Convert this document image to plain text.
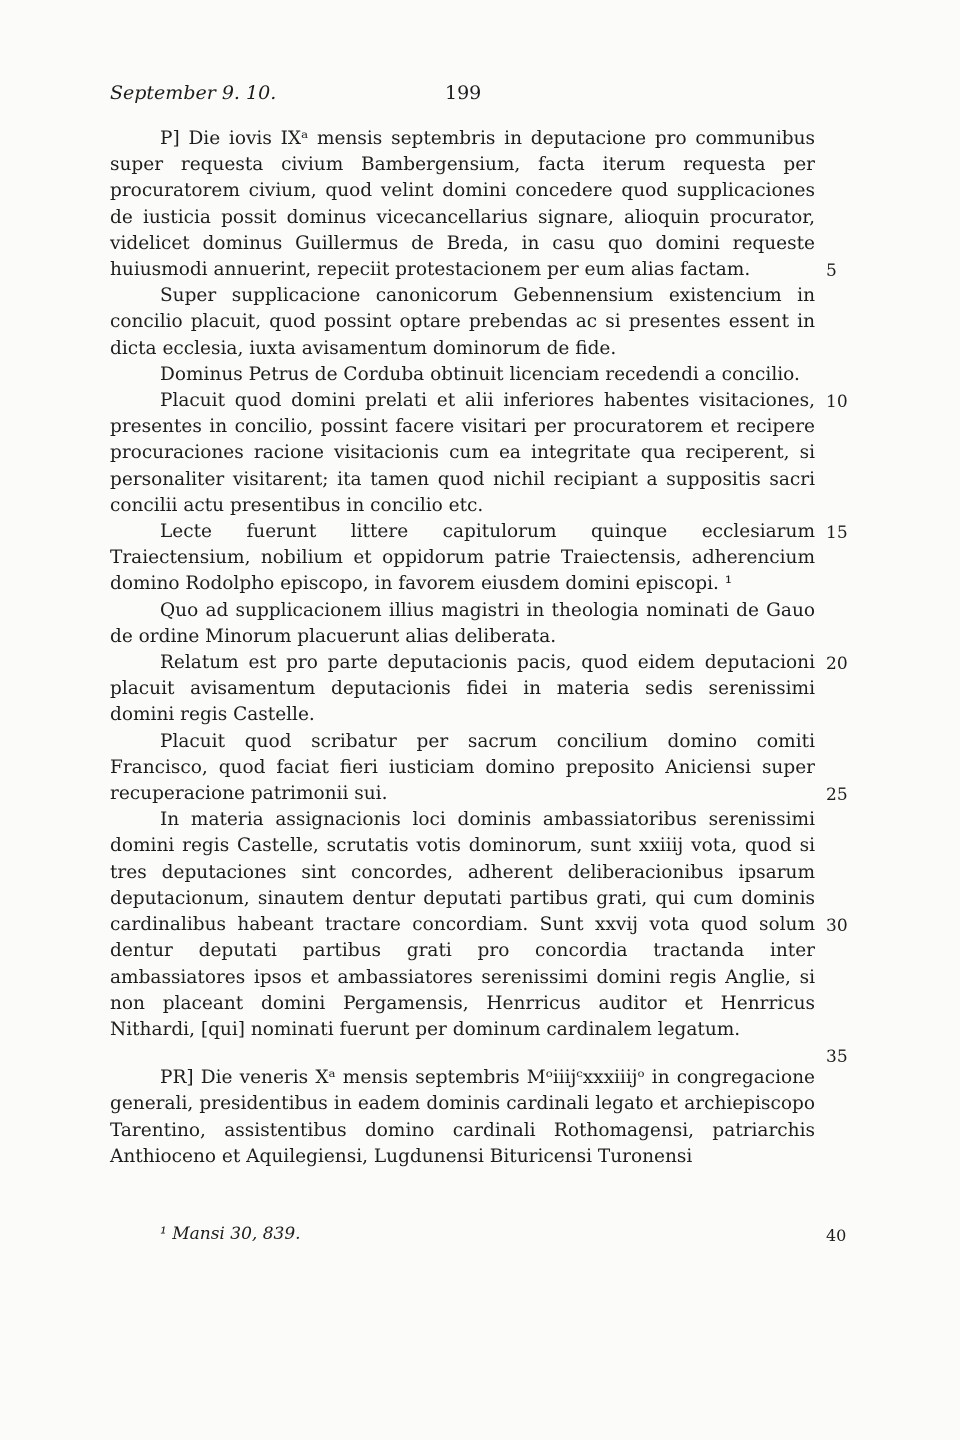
September 9. 10.	199

P] Die iovis IXᵃ mensis septembris in deputacione pro communibus super requesta civium Bambergensium, facta iterum requesta per procuratorem civium, quod velint domini concedere quod supplicaciones de iusticia possit dominus vicecancellarius signare, alioquin procurator, videlicet dominus Guillermus de Breda, in casu quo domini requeste huiusmodi annuerint, repeciit protestacionem per eum alias factam.

Super supplicacione canonicorum Gebennensium existencium in concilio placuit, quod possint optare prebendas ac si presentes essent in dicta ecclesia, iuxta avisamentum dominorum de fide.

Dominus Petrus de Corduba obtinuit licenciam recedendi a concilio.

Placuit quod domini prelati et alii inferiores habentes visitaciones, presentes in concilio, possint facere visitari per procuratorem et recipere procuraciones racione visitacionis cum ea integritate qua reciperent, si personaliter visitarent; ita tamen quod nichil recipiant a suppositis sacri concilii actu presentibus in concilio etc.

Lecte fuerunt littere capitulorum quinque ecclesiarum Traiectensium, nobilium et oppidorum patrie Traiectensis, adherencium domino Rodolpho episcopo, in favorem eiusdem domini episcopi. ¹

Quo ad supplicacionem illius magistri in theologia nominati de Gauo de ordine Minorum placuerunt alias deliberata.

Relatum est pro parte deputacionis pacis, quod eidem deputacioni placuit avisamentum deputacionis fidei in materia sedis serenissimi domini regis Castelle.

Placuit quod scribatur per sacrum concilium domino comiti Francisco, quod faciat fieri iusticiam domino preposito Aniciensi super recuperacione patrimonii sui.

In materia assignacionis loci dominis ambassiatoribus serenissimi domini regis Castelle, scrutatis votis dominorum, sunt xxiiij vota, quod si tres deputaciones sint concordes, adherent deliberacionibus ipsarum deputacionum, sinautem dentur deputati partibus grati, qui cum dominis cardinalibus habeant tractare concordiam. Sunt xxvij vota quod solum dentur deputati partibus grati pro concordia tractanda inter ambassiatores ipsos et ambassiatores serenissimi domini regis Anglie, si non placeant domini Pergamensis, Henrricus auditor et Henrricus Nithardi, [qui] nominati fuerunt per dominum cardinalem legatum.

PR] Die veneris Xᵃ mensis septembris Mᵒiiijᶜxxxiiijᵒ in congregacione generali, presidentibus in eadem dominis cardinali legato et archiepiscopo Tarentino, assistentibus domino cardinali Rothomagensi, patriarchis Anthioceno et Aquilegiensi, Lugdunensi Bituricensi Turonensi

5
10
15
20
25
30
35
¹ Mansi 30, 839.	40
